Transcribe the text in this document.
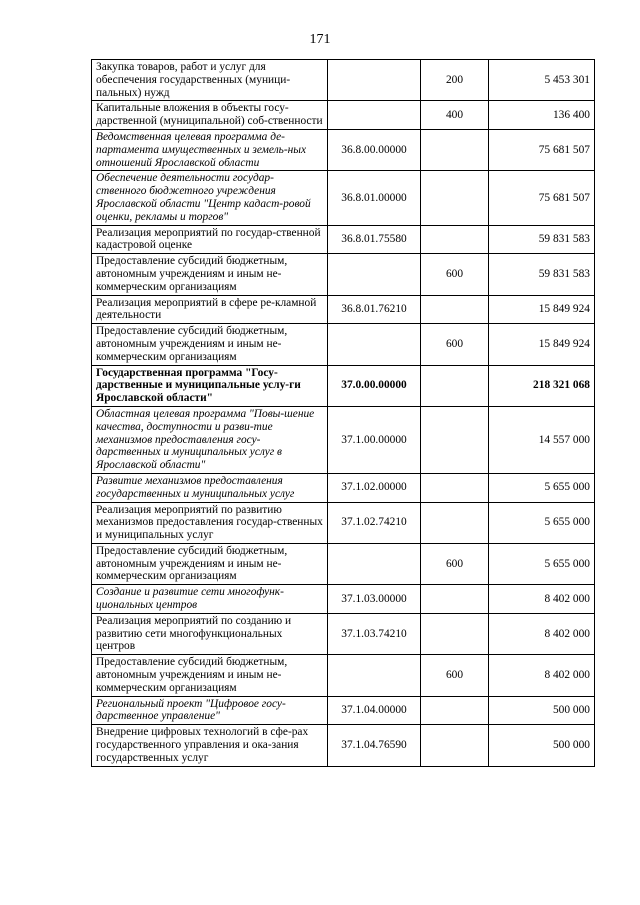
171
Закупка товаров, работ и услуг для обеспечения государственных (муници-пальных) нужд		200	5 453 301
Капитальные вложения в объекты госу-дарственной (муниципальной) соб-ственности		400	136 400
Ведомственная целевая программа де-партамента имущественных и земель-ных отношений Ярославской области	36.8.00.00000		75 681 507
Обеспечение деятельности государ-ственного бюджетного учреждения Ярославской области "Центр кадаст-ровой оценки, рекламы и торгов"	36.8.01.00000		75 681 507
Реализация мероприятий по государ-ственной кадастровой оценке	36.8.01.75580		59 831 583
Предоставление субсидий бюджетным, автономным учреждениям и иным не-коммерческим организациям		600	59 831 583
Реализация мероприятий в сфере ре-кламной деятельности	36.8.01.76210		15 849 924
Предоставление субсидий бюджетным, автономным учреждениям и иным не-коммерческим организациям		600	15 849 924
Государственная программа "Госу-дарственные и муниципальные услу-ги Ярославской области"	37.0.00.00000		218 321 068
Областная целевая программа "Повы-шение качества, доступности и разви-тие механизмов предоставления госу-дарственных и муниципальных услуг в Ярославской области"	37.1.00.00000		14 557 000
Развитие механизмов предоставления государственных и муниципальных услуг	37.1.02.00000		5 655 000
Реализация мероприятий по развитию механизмов предоставления государ-ственных и муниципальных услуг	37.1.02.74210		5 655 000
Предоставление субсидий бюджетным, автономным учреждениям и иным не-коммерческим организациям		600	5 655 000
Создание и развитие сети многофунк-циональных центров	37.1.03.00000		8 402 000
Реализация мероприятий по созданию и развитию сети многофункциональных центров	37.1.03.74210		8 402 000
Предоставление субсидий бюджетным, автономным учреждениям и иным не-коммерческим организациям		600	8 402 000
Региональный проект "Цифровое госу-дарственное управление"	37.1.04.00000		500 000
Внедрение цифровых технологий в сфе-рах государственного управления и ока-зания государственных услуг	37.1.04.76590		500 000
